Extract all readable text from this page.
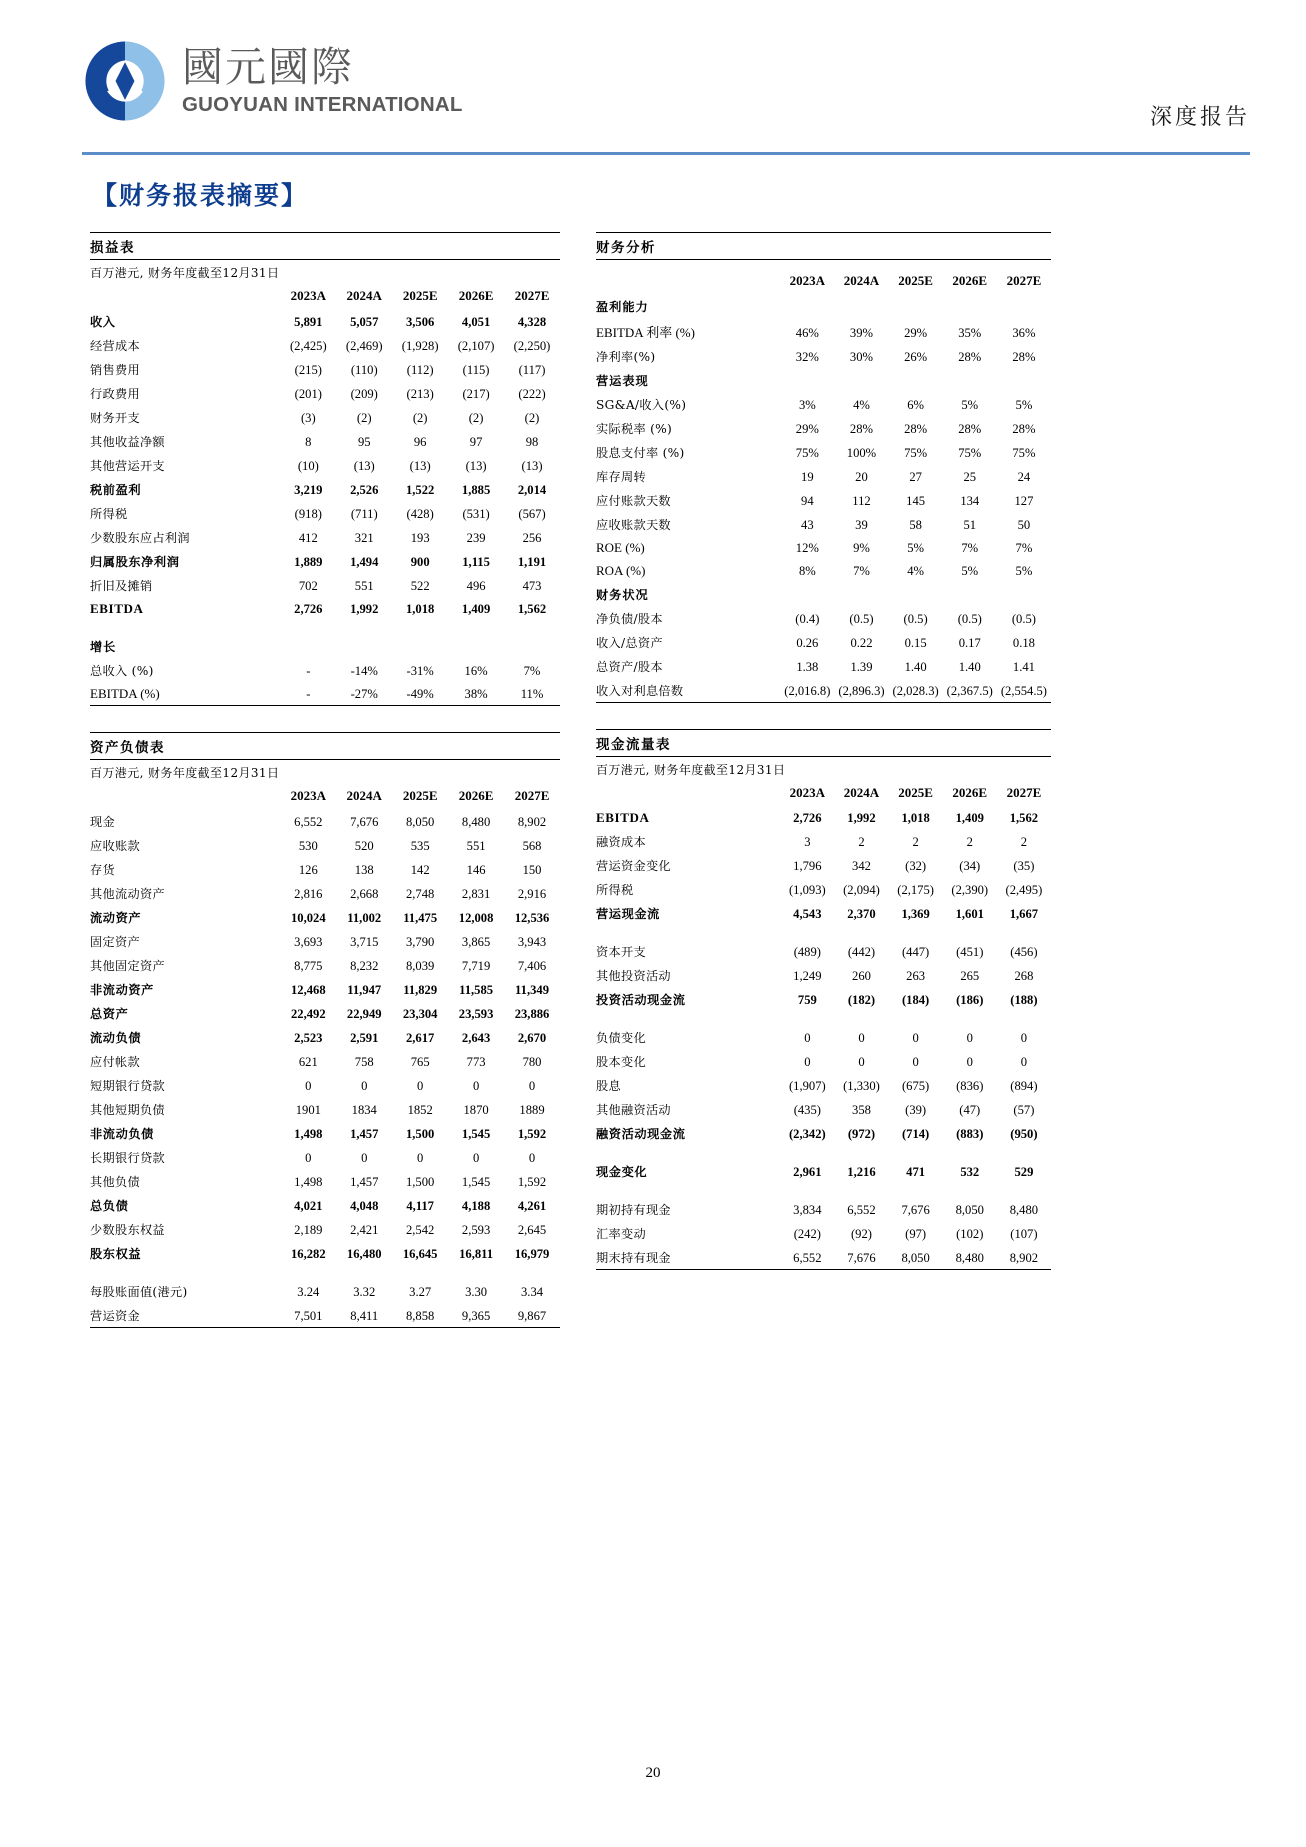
國元國際
GUOYUAN INTERNATIONAL
深度报告
【财务报表摘要】
损益表					
百万港元, 财务年度截至12月31日					
	2023A	2024A	2025E	2026E	2027E
收入	5,891	5,057	3,506	4,051	4,328
经营成本	(2,425)	(2,469)	(1,928)	(2,107)	(2,250)
销售费用	(215)	(110)	(112)	(115)	(117)
行政费用	(201)	(209)	(213)	(217)	(222)
财务开支	(3)	(2)	(2)	(2)	(2)
其他收益净额	8	95	96	97	98
其他营运开支	(10)	(13)	(13)	(13)	(13)
税前盈利	3,219	2,526	1,522	1,885	2,014
所得税	(918)	(711)	(428)	(531)	(567)
少数股东应占利润	412	321	193	239	256
归属股东净利润	1,889	1,494	900	1,115	1,191
折旧及摊销	702	551	522	496	473
EBITDA	2,726	1,992	1,018	1,409	1,562

增长					
总收入 (%)	-	-14%	-31%	16%	7%
EBITDA (%)	-	-27%	-49%	38%	11%
资产负债表					
百万港元, 财务年度截至12月31日					
	2023A	2024A	2025E	2026E	2027E
现金	6,552	7,676	8,050	8,480	8,902
应收账款	530	520	535	551	568
存货	126	138	142	146	150
其他流动资产	2,816	2,668	2,748	2,831	2,916
流动资产	10,024	11,002	11,475	12,008	12,536
固定资产	3,693	3,715	3,790	3,865	3,943
其他固定资产	8,775	8,232	8,039	7,719	7,406
非流动资产	12,468	11,947	11,829	11,585	11,349
总资产	22,492	22,949	23,304	23,593	23,886
流动负债	2,523	2,591	2,617	2,643	2,670
应付帐款	621	758	765	773	780
短期银行贷款	0	0	0	0	0
其他短期负债	1901	1834	1852	1870	1889
非流动负债	1,498	1,457	1,500	1,545	1,592
长期银行贷款	0	0	0	0	0
其他负债	1,498	1,457	1,500	1,545	1,592
总负债	4,021	4,048	4,117	4,188	4,261
少数股东权益	2,189	2,421	2,542	2,593	2,645
股东权益	16,282	16,480	16,645	16,811	16,979

每股账面值(港元)	3.24	3.32	3.27	3.30	3.34
营运资金	7,501	8,411	8,858	9,365	9,867
财务分析					

	2023A	2024A	2025E	2026E	2027E
盈利能力					
EBITDA 利率 (%)	46%	39%	29%	35%	36%
净利率(%)	32%	30%	26%	28%	28%
营运表现					
SG&A/收入(%)	3%	4%	6%	5%	5%
实际税率 (%)	29%	28%	28%	28%	28%
股息支付率 (%)	75%	100%	75%	75%	75%
库存周转	19	20	27	25	24
应付账款天数	94	112	145	134	127
应收账款天数	43	39	58	51	50
ROE (%)	12%	9%	5%	7%	7%
ROA (%)	8%	7%	4%	5%	5%
财务状况					
净负债/股本	(0.4)	(0.5)	(0.5)	(0.5)	(0.5)
收入/总资产	0.26	0.22	0.15	0.17	0.18
总资产/股本	1.38	1.39	1.40	1.40	1.41
收入对利息倍数	(2,016.8)	(2,896.3)	(2,028.3)	(2,367.5)	(2,554.5)
现金流量表					
百万港元, 财务年度截至12月31日					
	2023A	2024A	2025E	2026E	2027E
EBITDA	2,726	1,992	1,018	1,409	1,562
融资成本	3	2	2	2	2
营运资金变化	1,796	342	(32)	(34)	(35)
所得税	(1,093)	(2,094)	(2,175)	(2,390)	(2,495)
营运现金流	4,543	2,370	1,369	1,601	1,667

资本开支	(489)	(442)	(447)	(451)	(456)
其他投资活动	1,249	260	263	265	268
投资活动现金流	759	(182)	(184)	(186)	(188)

负债变化	0	0	0	0	0
股本变化	0	0	0	0	0
股息	(1,907)	(1,330)	(675)	(836)	(894)
其他融资活动	(435)	358	(39)	(47)	(57)
融资活动现金流	(2,342)	(972)	(714)	(883)	(950)

现金变化	2,961	1,216	471	532	529

期初持有现金	3,834	6,552	7,676	8,050	8,480
汇率变动	(242)	(92)	(97)	(102)	(107)
期末持有现金	6,552	7,676	8,050	8,480	8,902
20
